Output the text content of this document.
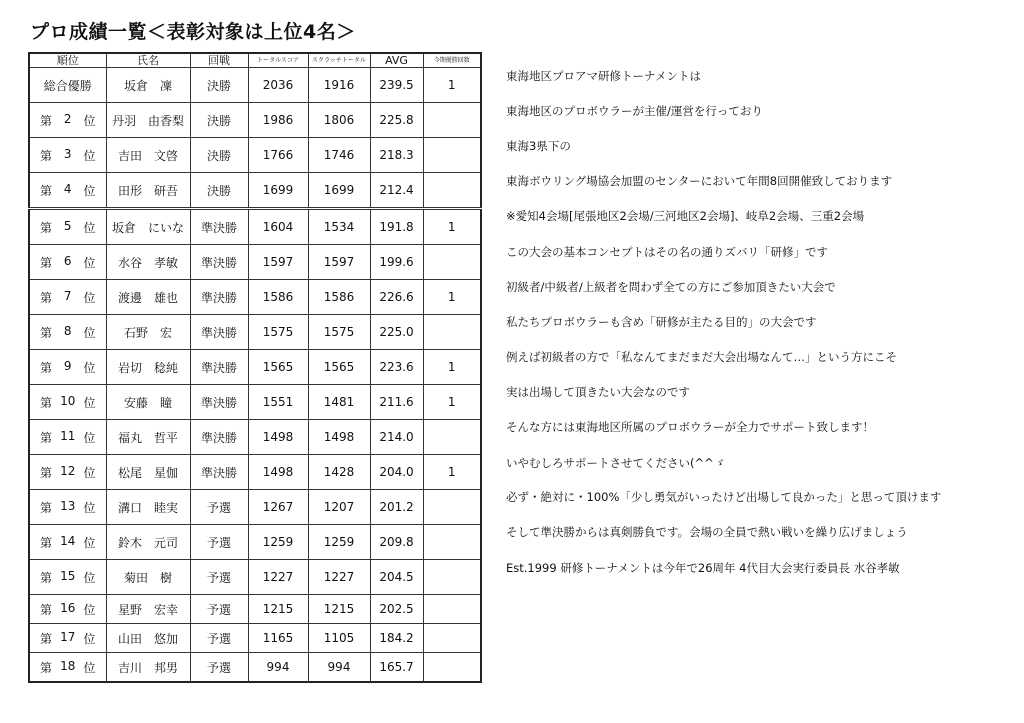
プロ成績一覧＜表彰対象は上位4名＞
順位	氏名	回戦	トータルスコア	スクラッチトータル	AVG	今期優勝回数
総合優勝	坂倉　凜	決勝	2036	1916	239.5	1

第 2 位	丹羽　由香梨	決勝	1986	1806	225.8	

第 3 位	吉田　文啓	決勝	1766	1746	218.3	

第 4 位	田形　研吾	決勝	1699	1699	212.4	

第 5 位	坂倉　にいな	準決勝	1604	1534	191.8	1

第 6 位	水谷　孝敏	準決勝	1597	1597	199.6	

第 7 位	渡邊　雄也	準決勝	1586	1586	226.6	1

第 8 位	石野　宏	準決勝	1575	1575	225.0	

第 9 位	岩切　稔純	準決勝	1565	1565	223.6	1

第 10 位	安藤　瞳	準決勝	1551	1481	211.6	1

第 11 位	福丸　哲平	準決勝	1498	1498	214.0	

第 12 位	松尾　星伽	準決勝	1498	1428	204.0	1

第 13 位	溝口　睦実	予選	1267	1207	201.2	

第 14 位	鈴木　元司	予選	1259	1259	209.8	

第 15 位	菊田　樹	予選	1227	1227	204.5	

第 16 位	星野　宏幸	予選	1215	1215	202.5	

第 17 位	山田　悠加	予選	1165	1105	184.2	

第 18 位	吉川　邦男	予選	994	994	165.7	
東海地区プロアマ研修トーナメントは
東海地区のプロボウラーが主催/運営を行っており
東海3県下の
東海ボウリング場協会加盟のセンターにおいて年間8回開催致しております
※愛知4会場[尾張地区2会場/三河地区2会場]、岐阜2会場、三重2会場
この大会の基本コンセプトはその名の通りズバリ「研修」です
初級者/中級者/上級者を問わず全ての方にご参加頂きたい大会で
私たちプロボウラーも含め「研修が主たる目的」の大会です
例えば初級者の方で「私なんてまだまだ大会出場なんて…」という方にこそ
実は出場して頂きたい大会なのです
そんな方には東海地区所属のプロボウラーが全力でサポート致します！
いやむしろサポートさせてください(^^ゞ
必ず・絶対に・100%「少し勇気がいったけど出場して良かった」と思って頂けます
そして準決勝からは真剣勝負です。会場の全員で熱い戦いを繰り広げましょう
Est.1999 研修トーナメントは今年で26周年 4代目大会実行委員長 水谷孝敏
